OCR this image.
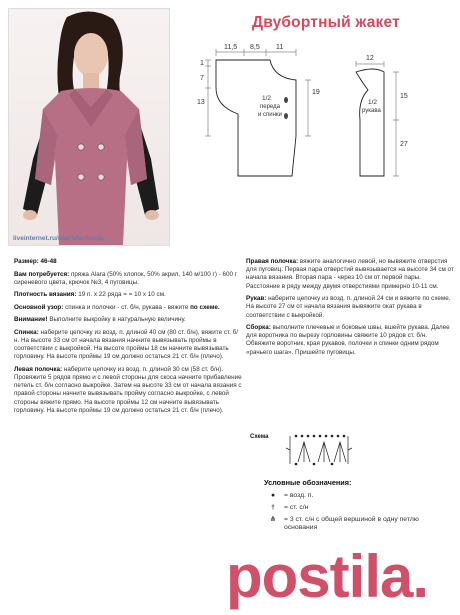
liveinternet.ru/users/tanbanja
Двубортный жакет
11,5 8,5 11
1
7
13
19
1/2
переда
и спинки
12
15
27
1/2
рукава

Размер: 46-48

Вам потребуется: пряжа Alara (50% хлопок, 50% акрил, 140 м/100 г) - 600 г сиреневого цвета, крючок №3, 4 пуговицы.

Плотность вязания: 19 п. х 22 ряда = = 10 х 10 см.

Основной узор: спинка и полочки - ст. б/н, рукава - вяжите по схеме.

Внимание! Выполните выкройку в натуральную величину.

Спинка: наберите цепочку из возд. п. длиной 40 см (80 ст. б/н), вяжите ст. б/н. На высоте 33 см от начала вязания начните вывязывать проймы в соответствии с выкройкой. На высоте проймы 18 см начните вывязывать горловину. На высоте проймы 19 см должно остаться 21 ст. б/н (плечо).

Левая полочка: наберите цепочку из возд. п. длиной 30 см (58 ст. б/н). Провяжите 5 рядов прямо и с левой стороны для скоса начните прибавление петель ст. б/н согласно выкройке. Затем на высоте 33 см от начала вязания с правой стороны начните вывязывать пройму согласно выкройке, с левой стороны вяжите прямо. На высоте проймы 12 см начните вывязывать горловину. На высоте проймы 19 см должно остаться 21 ст. б/н (плечо).

Правая полочка: вяжите аналогично левой, но вывяжите отверстия для пуговиц. Первая пара отверстий вывязывается на высоте 34 см от начала вязания. Вторая пара - через 10 см от первой пары. Расстояние в ряду между двумя отверстиями примерно 10-11 см.

Рукав: наберите цепочку из возд. п. длиной 24 см и вяжите по схеме. На высоте 27 см от начала вязания вывяжите окат рукава в соответствии с выкройкой.

Сборка: выполните плечевые и боковые швы, вшейте рукава. Далее для воротника по вырезу горловины свяжите 10 рядов ст. б/н. Обвяжите воротник, края рукавов, полочки и спинки одним рядом «рачьего шага». Пришейте пуговицы.

Схема
Условные обозначения:
●	= возд. п.
†	= ст. с/н
⋔	= 3 ст. с/н с общей вершиной в одну петлю основания
postila.
